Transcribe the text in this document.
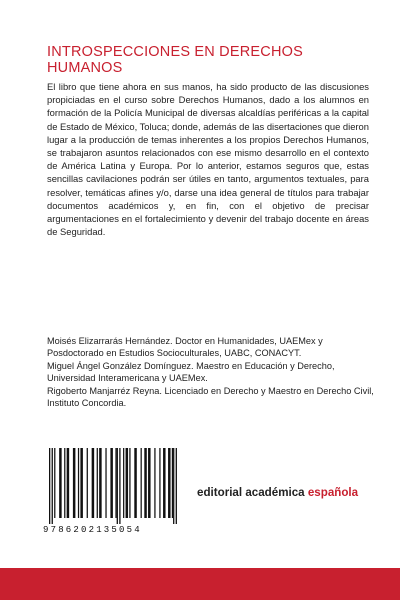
INTROSPECCIONES EN DERECHOS HUMANOS
El libro que tiene ahora en sus manos, ha sido producto de las discusiones propiciadas en el curso sobre Derechos Humanos, dado a los alumnos en formación de la Policía Municipal de diversas alcaldías periféricas a la capital de Estado de México, Toluca; donde, además de las disertaciones que dieron lugar a la producción de temas inherentes a los propios Derechos Humanos, se trabajaron asuntos relacionados con ese mismo desarrollo en el contexto de América Latina y Europa. Por lo anterior, estamos seguros que, estas sencillas cavilaciones podrán ser útiles en tanto, argumentos textuales, para resolver, temáticas afines y/o, darse una idea general de títulos para trabajar documentos académicos y, en fin, con el objetivo de precisar argumentaciones en el fortalecimiento y devenir del trabajo docente en áreas de Seguridad.

Moisés Elizarrarás Hernández. Doctor en Humanidades, UAEMex y Posdoctorado en Estudios Socioculturales, UABC, CONACYT.

Miguel Ángel González Domínguez. Maestro en Educación y Derecho, Universidad Interamericana y UAEMex.

Rigoberto Manjarréz Reyna. Licenciado en Derecho y Maestro en Derecho Civil, Instituto Concordia.

9786202135054
editorial académica española
